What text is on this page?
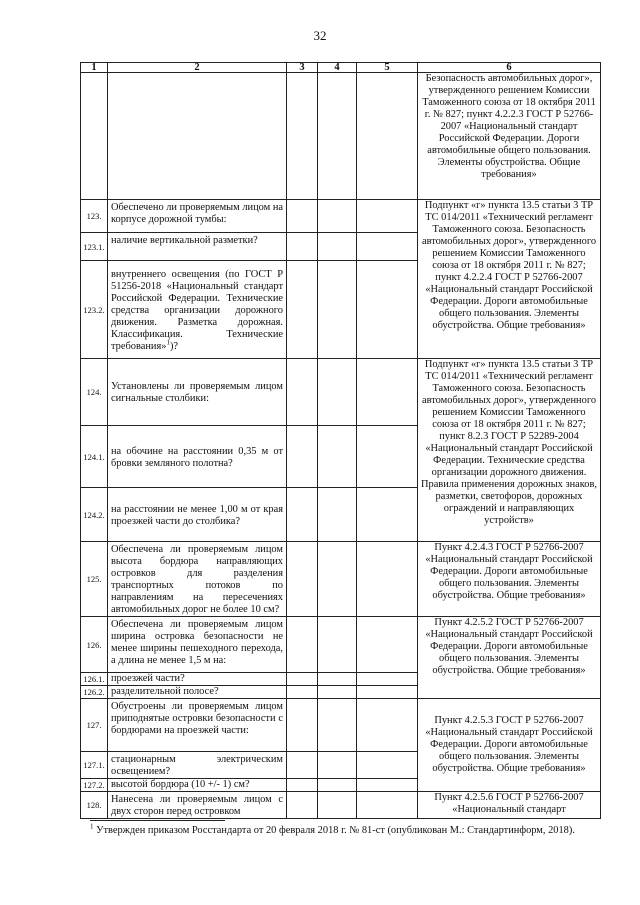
32
1	2	3	4	5	6
					Безопасность автомобильных дорог», утвержденного решением Комиссии Таможенного союза от 18 октября 2011 г. № 827; пункт 4.2.2.3 ГОСТ Р 52766-2007 «Национальный стандарт Российской Федерации. Дороги автомобильные общего пользования. Элементы обустройства. Общие требования»
123.	Обеспечено ли проверяемым лицом на корпусе дорожной тумбы:				Подпункт «г» пункта 13.5 статьи 3 ТР ТС 014/2011 «Технический регламент Таможенного союза. Безопасность автомобильных дорог», утвержденного решением Комиссии Таможенного союза от 18 октября 2011 г. № 827; пункт 4.2.2.4 ГОСТ Р 52766-2007 «Национальный стандарт Российской Федерации. Дороги автомобильные общего пользования. Элементы обустройства. Общие требования»
123.1.	наличие вертикальной разметки?				
123.2.	внутреннего освещения (по ГОСТ Р 51256-2018 «Национальный стандарт Российской Федерации. Технические средства организации дорожного движения. Разметка дорожная. Классификация. Технические требования»$^1$)?				
124.	Установлены ли проверяемым лицом сигнальные столбики:				Подпункт «г» пункта 13.5 статьи 3 ТР ТС 014/2011 «Технический регламент Таможенного союза. Безопасность автомобильных дорог», утвержденного решением Комиссии Таможенного союза от 18 октября 2011 г. № 827; пункт 8.2.3 ГОСТ Р 52289-2004 «Национальный стандарт Российской Федерации. Технические средства организации дорожного движения. Правила применения дорожных знаков, разметки, светофоров, дорожных ограждений и направляющих устройств»
124.1.	на обочине на расстоянии 0,35 м от бровки земляного полотна?				
124.2.	на расстоянии не менее 1,00 м от края проезжей части до столбика?				
125.	Обеспечена ли проверяемым лицом высота бордюра направляющих островков для разделения транспортных потоков по направлениям на пересечениях автомобильных дорог не более 10 см?				Пункт 4.2.4.3 ГОСТ Р 52766-2007 «Национальный стандарт Российской Федерации. Дороги автомобильные общего пользования. Элементы обустройства. Общие требования»
126.	Обеспечена ли проверяемым лицом ширина островка безопасности не менее ширины пешеходного перехода, а длина не менее 1,5 м на:				Пункт 4.2.5.2 ГОСТ Р 52766-2007 «Национальный стандарт Российской Федерации. Дороги автомобильные общего пользования. Элементы обустройства. Общие требования»
126.1.	проезжей части?				
126.2.	разделительной полосе?				
127.	Обустроены ли проверяемым лицом приподнятые островки безопасности с бордюрами на проезжей части:				Пункт 4.2.5.3 ГОСТ Р 52766-2007 «Национальный стандарт Российской Федерации. Дороги автомобильные общего пользования. Элементы обустройства. Общие требования»
127.1.	стационарным электрическим освещением?				
127.2.	высотой бордюра (10 +/- 1) см?				
128.	Нанесена ли проверяемым лицом с двух сторон перед островком				Пункт 4.2.5.6 ГОСТ Р 52766-2007 «Национальный стандарт
$^1$ Утвержден приказом Росстандарта от 20 февраля 2018 г. № 81-ст (опубликован М.: Стандартинформ, 2018).
